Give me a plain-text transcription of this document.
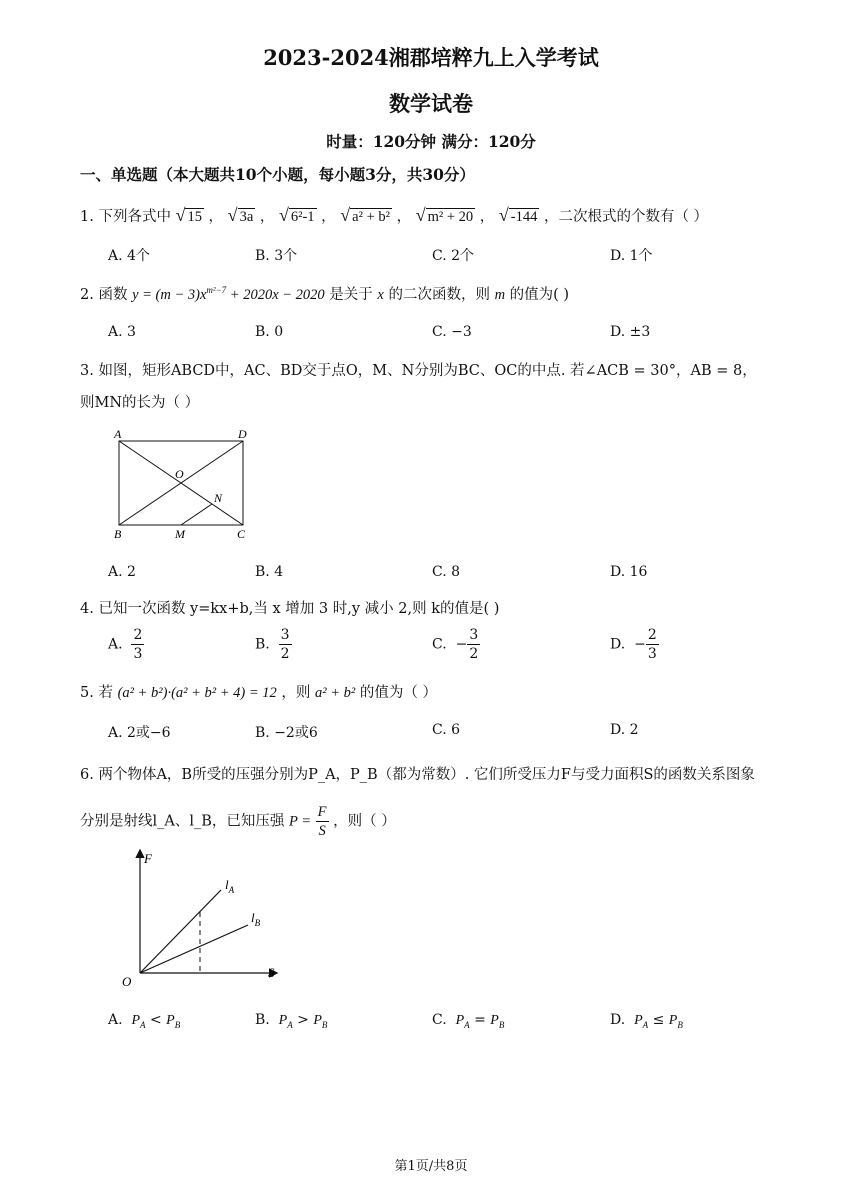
2023-2024湘郡培粹九上入学考试
数学试卷
时量：120分钟 满分：120分
一、单选题（本大题共10个小题，每小题3分，共30分）
1. 下列各式中 √ 15 ， √ 3a ， √ 6²-1 ， √ a² + b² ， √ m² + 20 ， √ -144 ，二次根式的个数有（ ）
A. 4个	B. 3个	C. 2个	D. 1个
2. 函数 $y = (m - 3)x^{m^2-7} + 2020x - 2020$ 是关于 x 的二次函数，则 m 的值为( )
A. 3	B. 0	C. −3	D. ±3
3. 如图，矩形ABCD中，AC、BD交于点O，M、N分别为BC、OC的中点. 若∠ACB = 30°，AB = 8，
则MN的长为（ ）
A	D
O
N
B	M	C
A. 2	B. 4	C. 8	D. 16
4. 已知一次函数 y=kx+b,当 x 增加 3 时,y 减小 2,则 k的值是( )
A. $\frac{2}{3}$	B. $\frac{3}{2}$	C. − $\frac{3}{2}$	D. − $\frac{2}{3}$
5. 若 (a² + b²)·(a² + b² + 4) = 12 ，则 a² + b² 的值为（ ）
A. 2或−6	B. −2或6	C. 6	D. 2
6. 两个物体A，B所受的压强分别为P_A，P_B（都为常数）. 它们所受压力F与受力面积S的函数关系图象
分别是射线l_A、l_B，已知压强 $P = \frac{F}{S}$ ，则（ ）
F
S
O
$l_A$
$l_B$
A. $P_A < P_B$	B. $P_A > P_B$	C. $P_A = P_B$	D. $P_A \le P_B$
第1页/共8页
